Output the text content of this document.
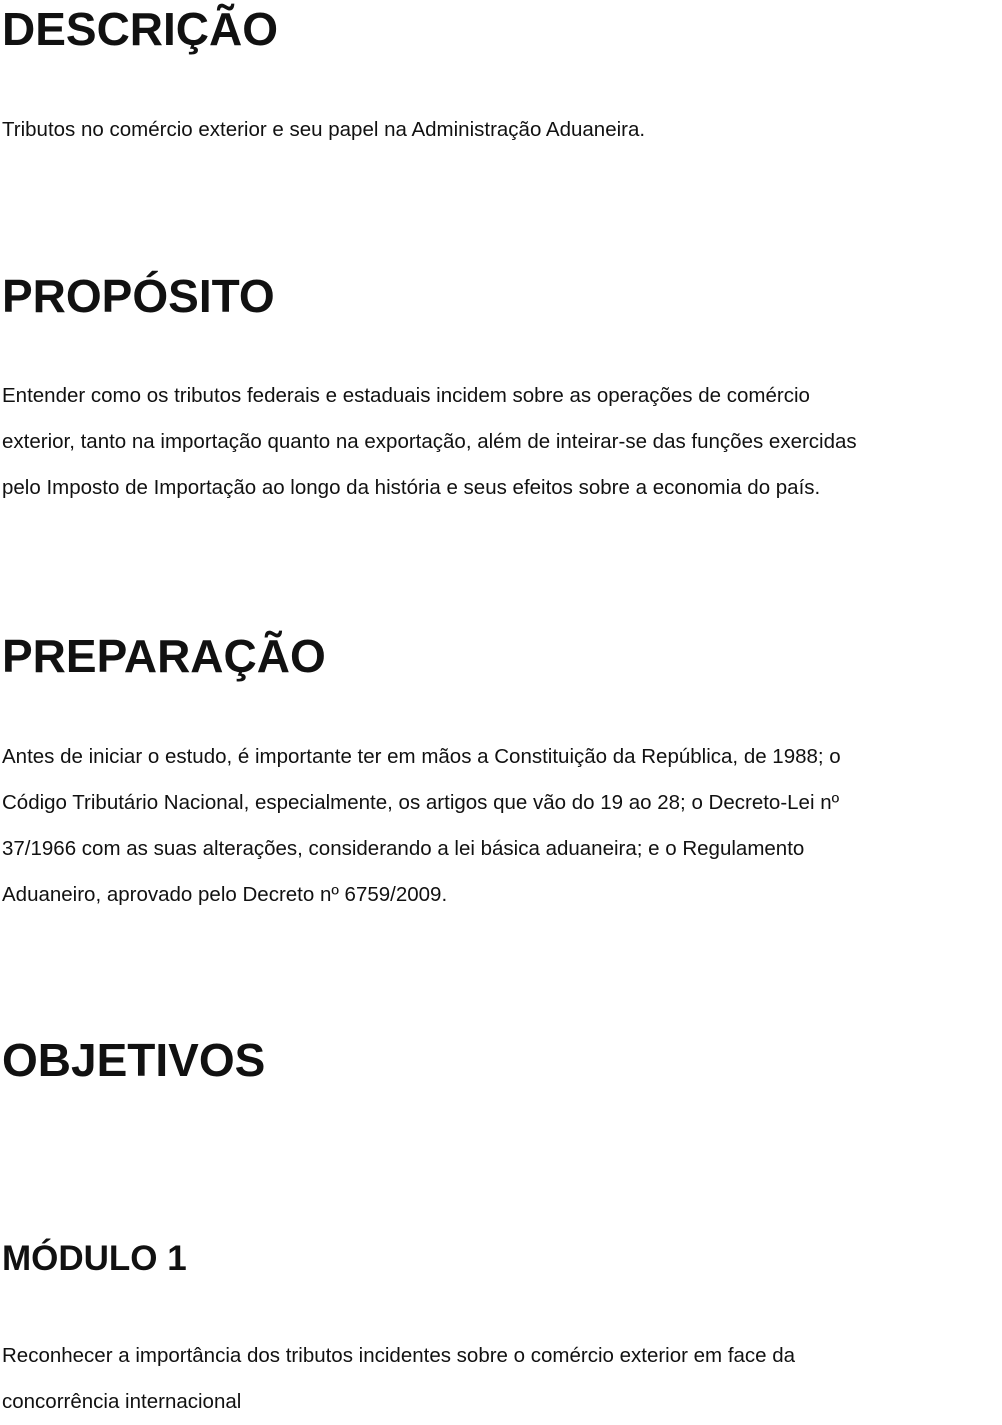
DESCRIÇÃO
Tributos no comércio exterior e seu papel na Administração Aduaneira.
PROPÓSITO
Entender como os tributos federais e estaduais incidem sobre as operações de comércio
exterior, tanto na importação quanto na exportação, além de inteirar-se das funções exercidas
pelo Imposto de Importação ao longo da história e seus efeitos sobre a economia do país.
PREPARAÇÃO
Antes de iniciar o estudo, é importante ter em mãos a Constituição da República, de 1988; o
Código Tributário Nacional, especialmente, os artigos que vão do 19 ao 28; o Decreto-Lei nº
37/1966 com as suas alterações, considerando a lei básica aduaneira; e o Regulamento
Aduaneiro, aprovado pelo Decreto nº 6759/2009.
OBJETIVOS
MÓDULO 1
Reconhecer a importância dos tributos incidentes sobre o comércio exterior em face da
concorrência internacional
